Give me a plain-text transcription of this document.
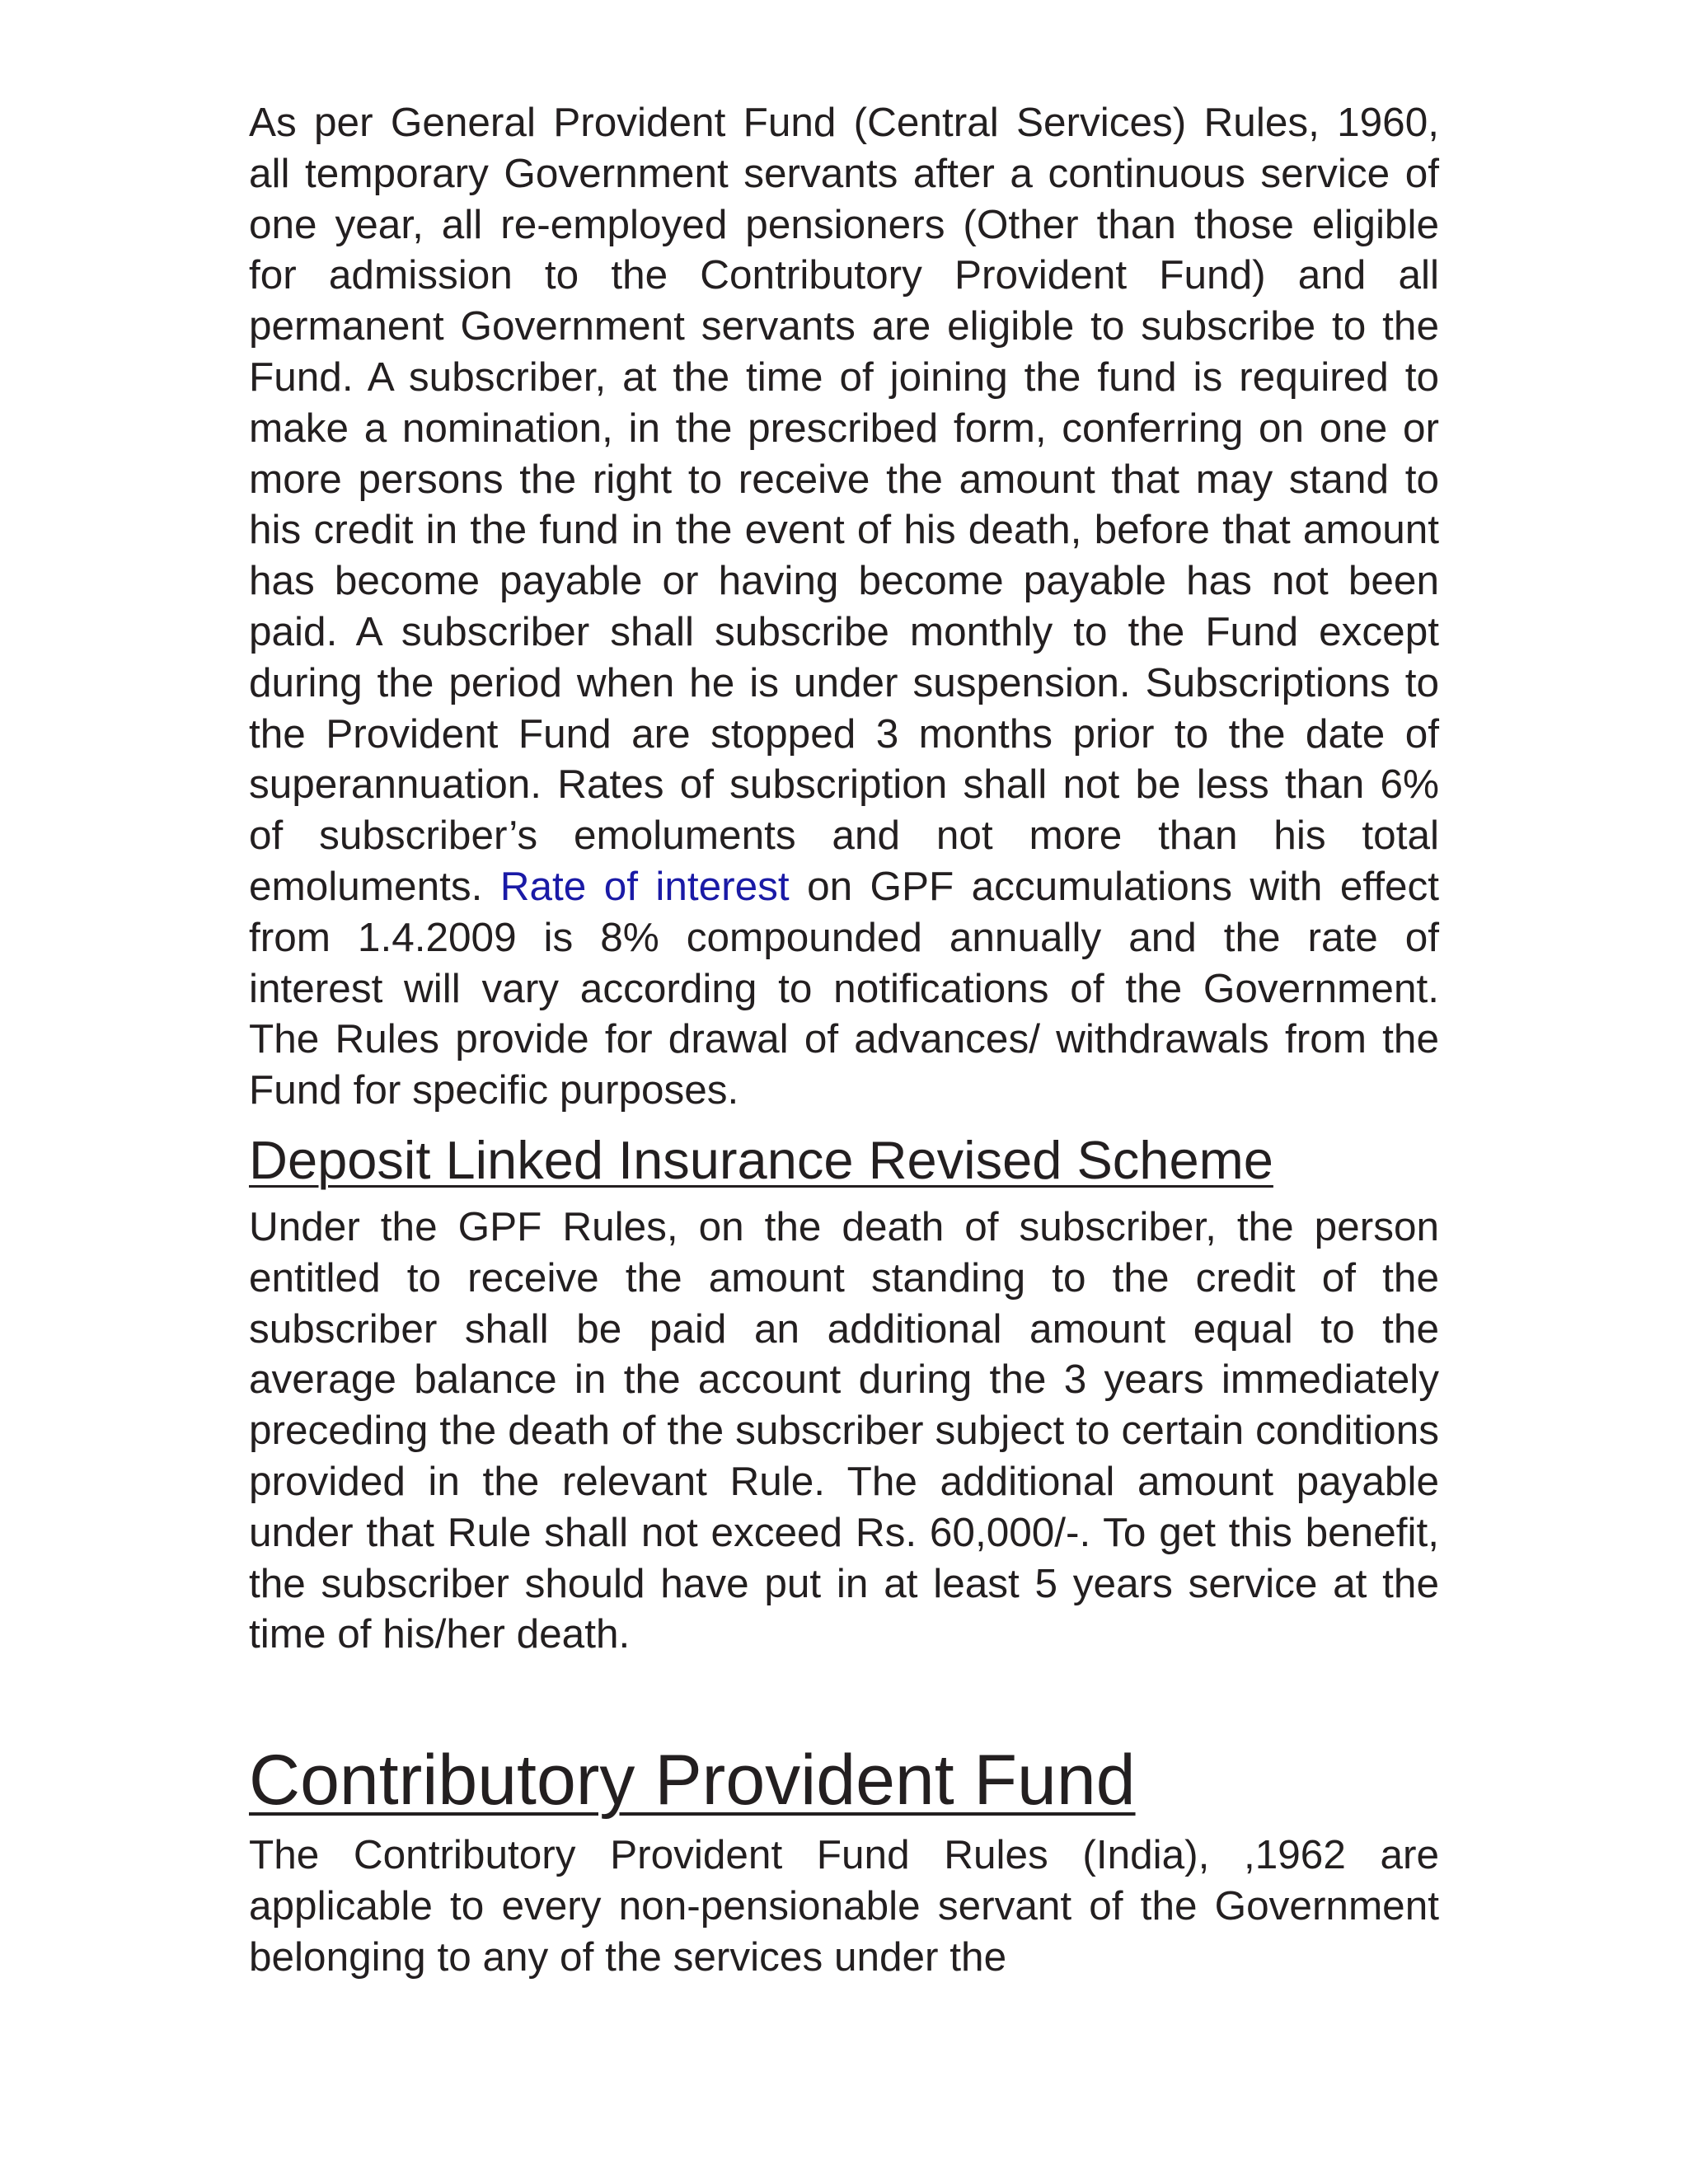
As per General Provident Fund (Central Services) Rules, 1960, all temporary Government servants after a continuous service of one year, all re-employed pensioners (Other than those eligible for admission to the Contributory Provident Fund) and all permanent Government servants are eligible to subscribe to the Fund. A subscriber, at the time of joining the fund is required to make a nomination, in the prescribed form, conferring on one or more persons the right to receive the amount that may stand to his credit in the fund in the event of his death, before that amount has become payable or having become payable has not been paid. A subscriber shall subscribe monthly to the Fund except during the period when he is under suspension. Subscriptions to the Provident Fund are stopped 3 months prior to the date of superannuation. Rates of subscription shall not be less than 6% of subscriber’s emoluments and not more than his total emoluments. Rate of interest on GPF accumulations with effect from 1.4.2009 is 8% compounded annually and the rate of interest will vary according to notifications of the Government. The Rules provide for drawal of advances/ withdrawals from the Fund for specific purposes.

Deposit Linked Insurance Revised Scheme

Under the GPF Rules, on the death of subscriber, the person entitled to receive the amount standing to the credit of the subscriber shall be paid an additional amount equal to the average balance in the account during the 3 years immediately preceding the death of the subscriber subject to certain conditions provided in the relevant Rule. The additional amount payable under that Rule shall not exceed Rs. 60,000/-. To get this benefit, the subscriber should have put in at least 5 years service at the time of his/her death.

Contributory Provident Fund

The Contributory Provident Fund Rules (India), ,1962 are applicable to every non-pensionable servant of the Government belonging to any of the services under the
